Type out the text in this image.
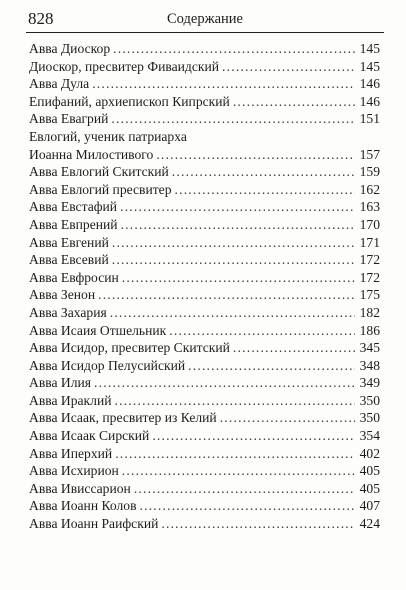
828	Содержание
Авва Диоскор .....	145
Диоскор, пресвитер Фиваидский .....	145
Авва Дула .....	146
Епифаний, архиепископ Кипрский .....	146
Авва Евагрий .....	151
Евлогий, ученик патриарха
Иоанна Милостивого .....	157
Авва Евлогий Скитский .....	159
Авва Евлогий пресвитер .....	162
Авва Евстафий .....	163
Авва Евпрений .....	170
Авва Евгений .....	171
Авва Евсевий .....	172
Авва Евфросин .....	172
Авва Зенон .....	175
Авва Захария .....	182
Авва Исаия Отшельник .....	186
Авва Исидор, пресвитер Скитский .....	345
Авва Исидор Пелусийский .....	348
Авва Илия .....	349
Авва Ираклий .....	350
Авва Исаак, пресвитер из Келий .....	350
Авва Исаак Сирский .....	354
Авва Иперхий .....	402
Авва Исхирион .....	405
Авва Ивиссарион .....	405
Авва Иоанн Колов .....	407
Авва Иоанн Раифский .....	424
